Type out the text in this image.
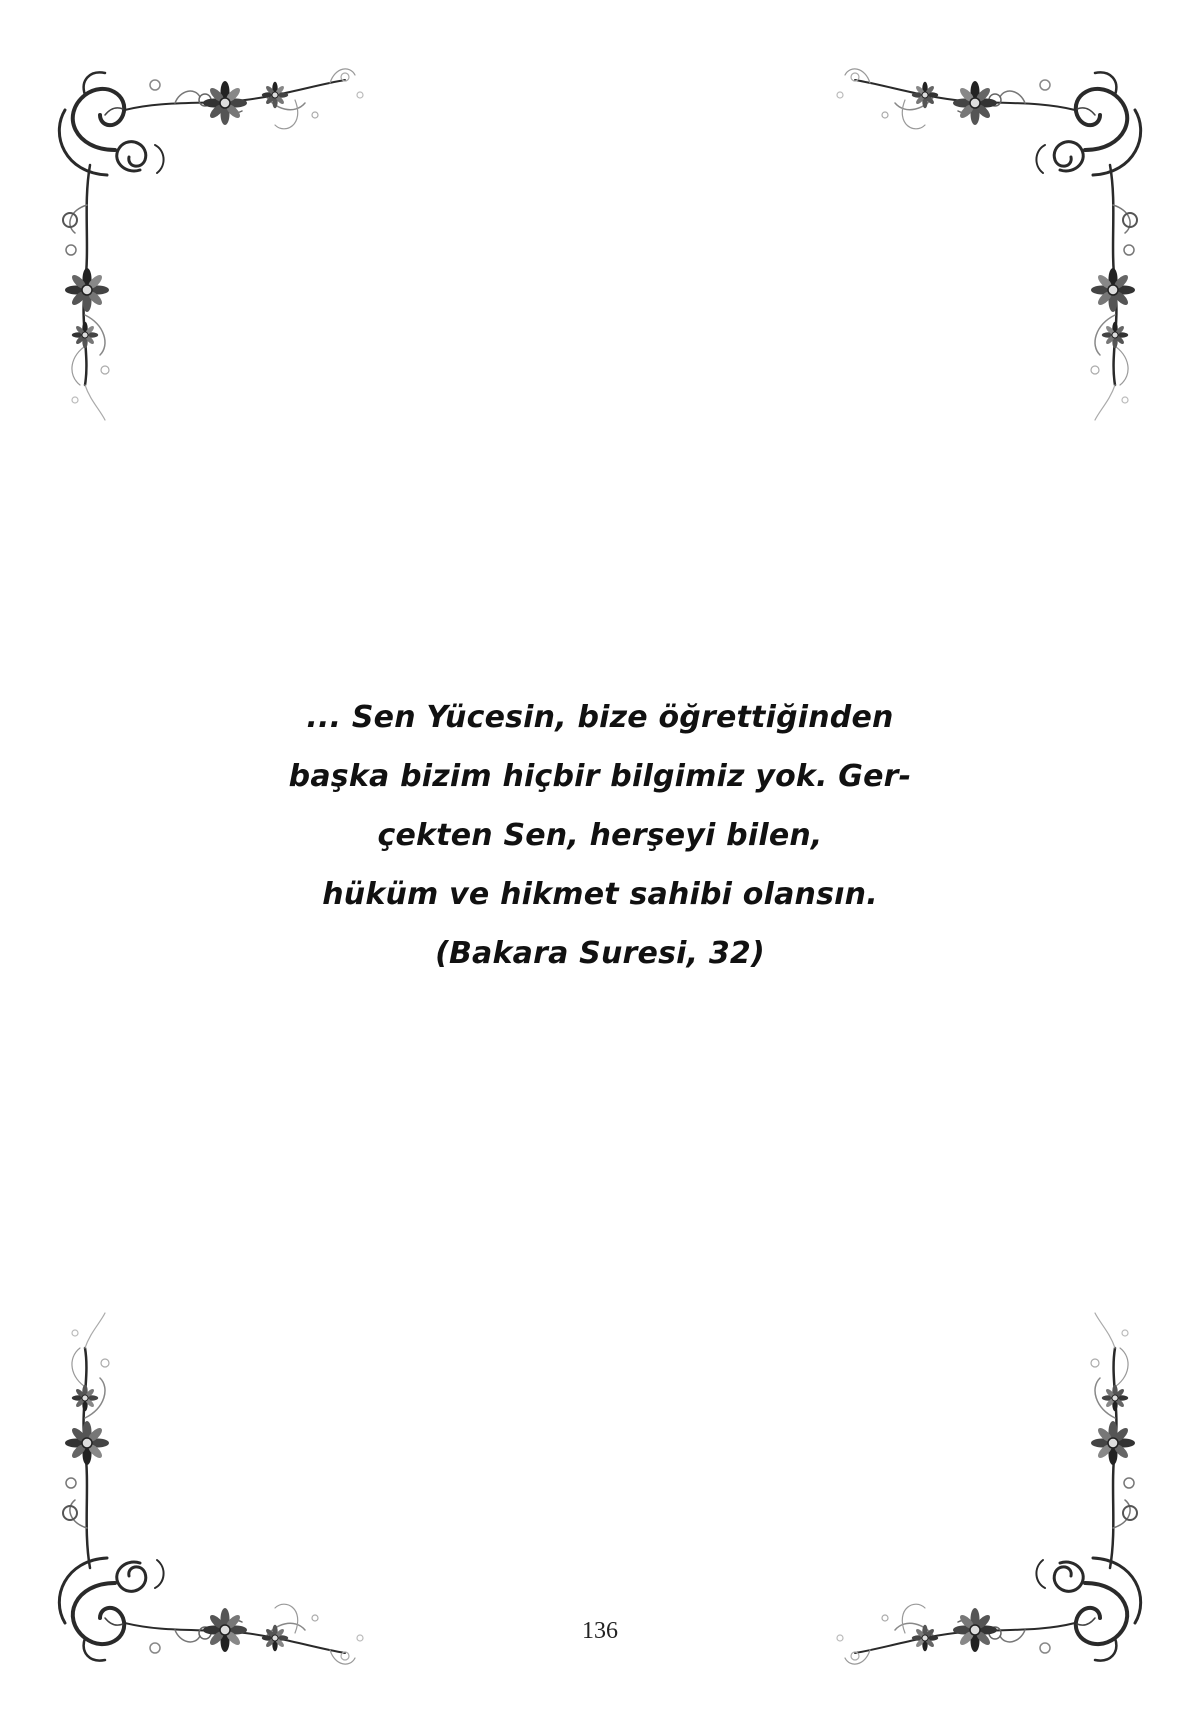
... Sen Yücesin, bize öğrettiğinden
başka bizim hiçbir bilgimiz yok. Ger-
çekten Sen, herşeyi bilen,
hüküm ve hikmet sahibi olansın.
(Bakara Suresi, 32)
136
